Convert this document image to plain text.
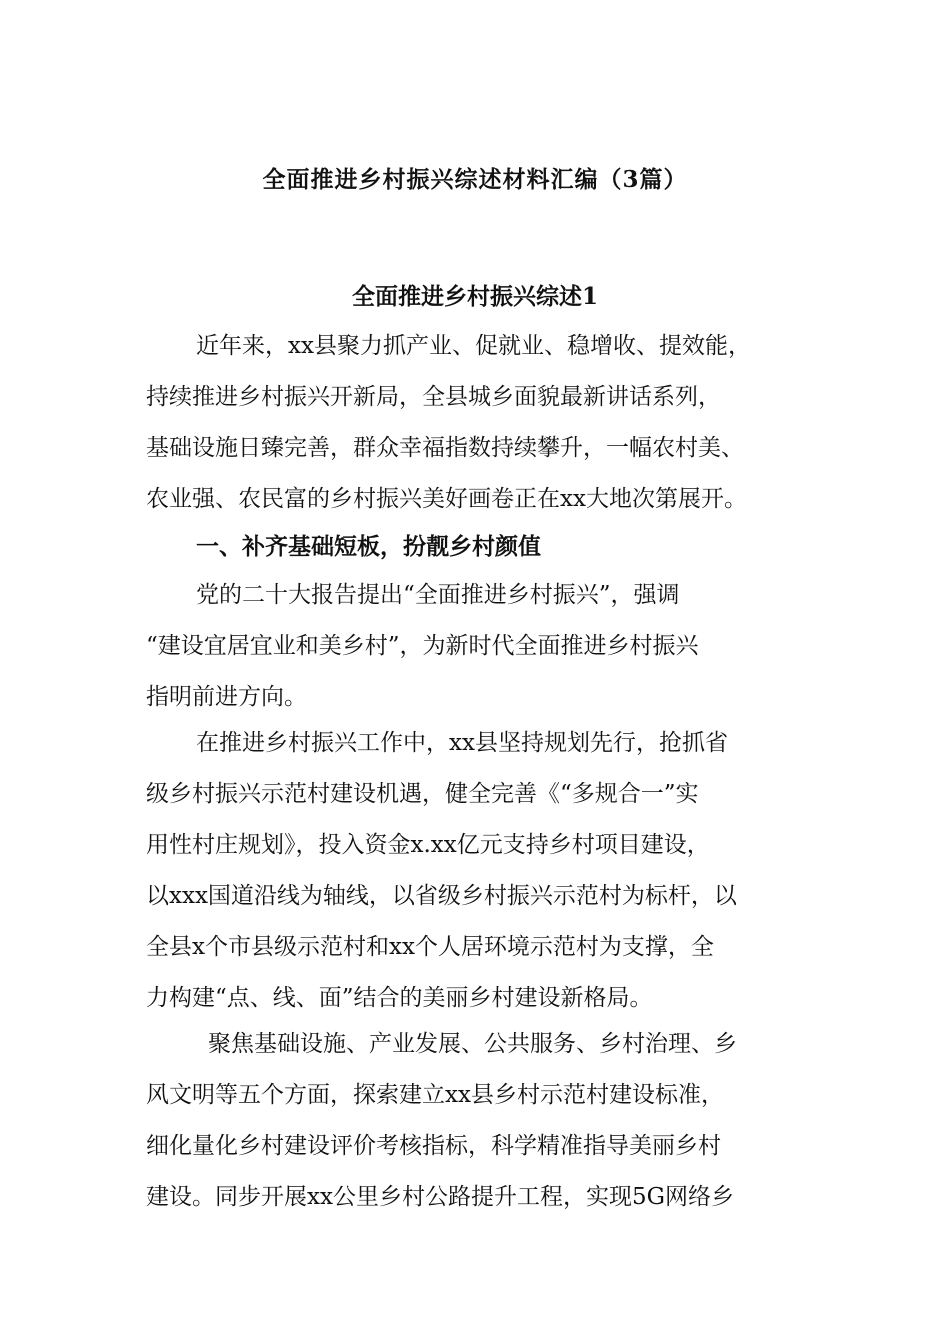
全面推进乡村振兴综述材料汇编（3篇）
全面推进乡村振兴综述1
近年来，xx县聚力抓产业、促就业、稳增收、提效能，
持续推进乡村振兴开新局，全县城乡面貌最新讲话系列，
基础设施日臻完善，群众幸福指数持续攀升，一幅农村美、
农业强、农民富的乡村振兴美好画卷正在xx大地次第展开。
一、补齐基础短板，扮靓乡村颜值
党的二十大报告提出“全面推进乡村振兴”，强调
“建设宜居宜业和美乡村”，为新时代全面推进乡村振兴
指明前进方向。
在推进乡村振兴工作中，xx县坚持规划先行，抢抓省
级乡村振兴示范村建设机遇，健全完善《“多规合一”实
用性村庄规划》，投入资金x.xx亿元支持乡村项目建设，
以xxx国道沿线为轴线，以省级乡村振兴示范村为标杆，以
全县x个市县级示范村和xx个人居环境示范村为支撑，全
力构建“点、线、面”结合的美丽乡村建设新格局。
聚焦基础设施、产业发展、公共服务、乡村治理、乡
风文明等五个方面，探索建立xx县乡村示范村建设标准，
细化量化乡村建设评价考核指标，科学精准指导美丽乡村
建设。同步开展xx公里乡村公路提升工程，实现5G网络乡
